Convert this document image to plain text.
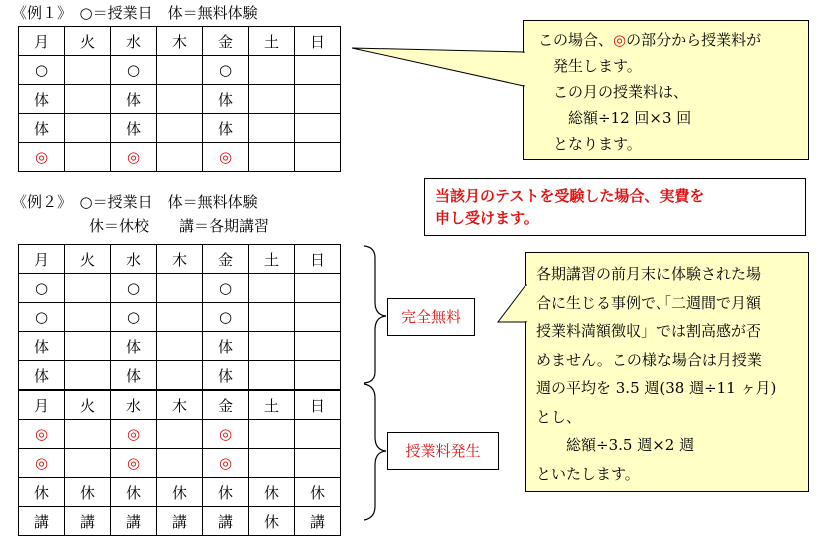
《例１》　○＝授業日　体＝無料体験
月	火	水	木	金	土	日
○		○		○		
体		体		体		
体		体		体		
◎		◎		◎		
この場合、◎の部分から授業料が
　発生します。
　この月の授業料は、
　　総額÷12 回×3 回
　となります。
当該月のテストを受験した場合、実費を
申し受けます。
《例２》　○＝授業日　体＝無料体験
休＝休校　　講＝各期講習
月	火	水	木	金	土	日
○		○		○		
○		○		○		
体		体		体		
体		体		体		
月	火	水	木	金	土	日
◎		◎		◎		
◎		◎		◎		
休	休	休	休	休	休	休
講	講	講	講	講	休	講
完全無料
授業料発生
各期講習の前月末に体験された場
合に生じる事例で､｢二週間で月額
授業料満額徴収」では割高感が否
めません。この様な場合は月授業
週の平均を 3.5 週(38 週÷11 ヶ月)
とし、
　　総額÷3.5 週×2 週
といたします。
